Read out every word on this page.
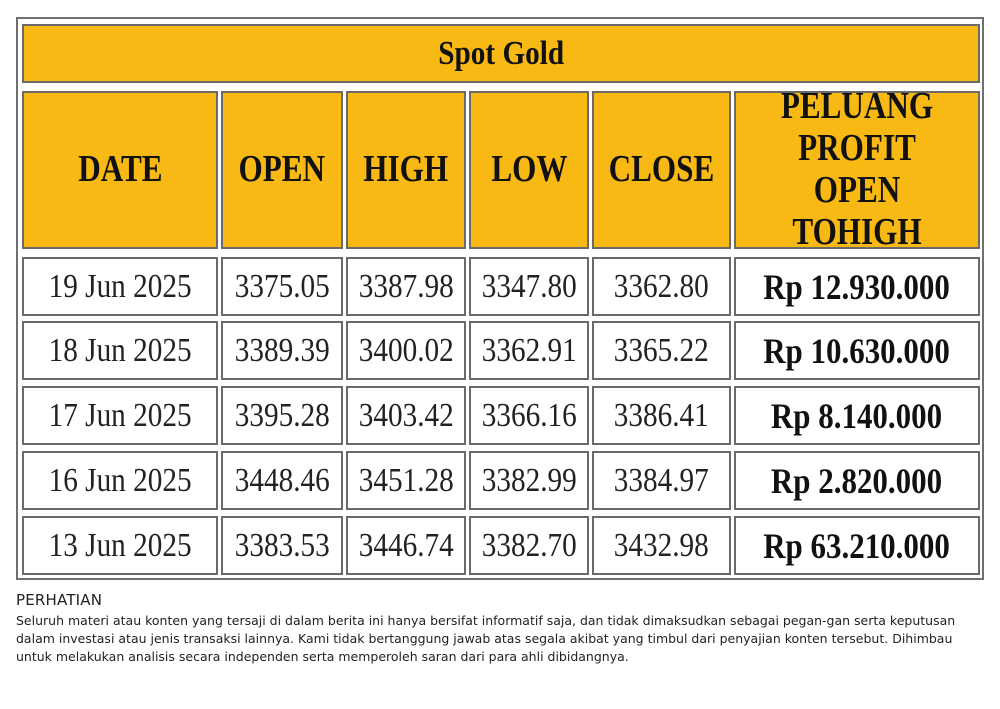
Spot Gold
DATE OPEN HIGH LOW CLOSE
PELUANG
PROFIT
OPEN TOHIGH
19 Jun 2025 3375.05 3387.98 3347.80 3362.80 Rp 12.930.000
18 Jun 2025 3389.39 3400.02 3362.91 3365.22 Rp 10.630.000
17 Jun 2025 3395.28 3403.42 3366.16 3386.41 Rp 8.140.000
16 Jun 2025 3448.46 3451.28 3382.99 3384.97 Rp 2.820.000
13 Jun 2025 3383.53 3446.74 3382.70 3432.98 Rp 63.210.000

PERHATIAN

Seluruh materi atau konten yang tersaji di dalam berita ini hanya bersifat informatif saja, dan tidak dimaksudkan sebagai pegan-gan serta keputusan dalam investasi atau jenis transaksi lainnya. Kami tidak bertanggung jawab atas segala akibat yang timbul dari penyajian konten tersebut. Dihimbau untuk melakukan analisis secara independen serta memperoleh saran dari para ahli dibidangnya.
